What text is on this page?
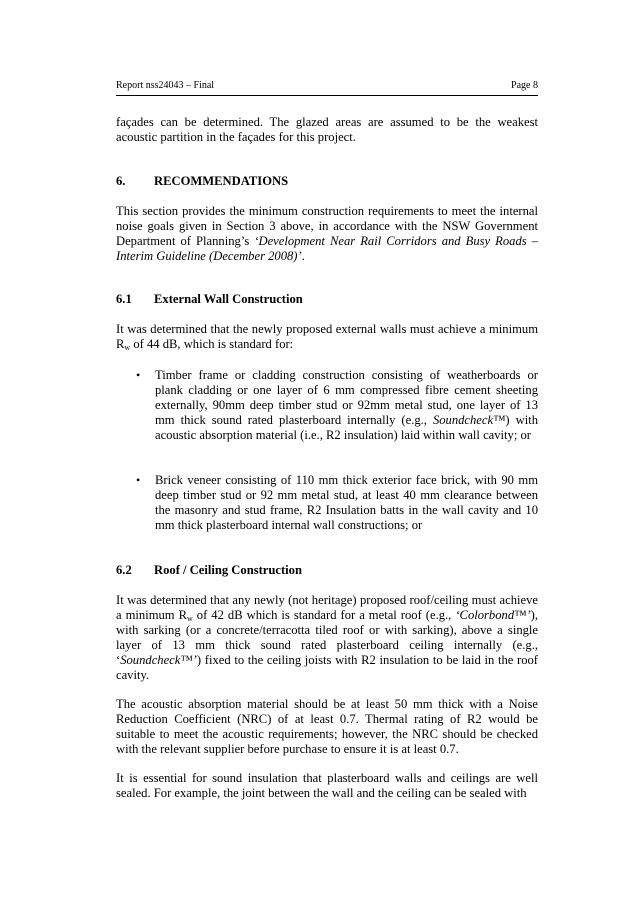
Report nss24043 – Final	Page 8

façades can be determined. The glazed areas are assumed to be the weakest acoustic partition in the façades for this project.

6. RECOMMENDATIONS

This section provides the minimum construction requirements to meet the internal noise goals given in Section 3 above, in accordance with the NSW Government Department of Planning’s ‘Development Near Rail Corridors and Busy Roads – Interim Guideline (December 2008)’.

6.1 External Wall Construction

It was determined that the newly proposed external walls must achieve a minimum $R_w$ of 44 dB, which is standard for:

• Timber frame or cladding construction consisting of weatherboards or plank cladding or one layer of 6 mm compressed fibre cement sheeting externally, 90mm deep timber stud or 92mm metal stud, one layer of 13 mm thick sound rated plasterboard internally (e.g., Soundcheck™) with acoustic absorption material (i.e., R2 insulation) laid within wall cavity; or

• Brick veneer consisting of 110 mm thick exterior face brick, with 90 mm deep timber stud or 92 mm metal stud, at least 40 mm clearance between the masonry and stud frame, R2 Insulation batts in the wall cavity and 10 mm thick plasterboard internal wall constructions; or

6.2 Roof / Ceiling Construction

It was determined that any newly (not heritage) proposed roof/ceiling must achieve a minimum $R_w$ of 42 dB which is standard for a metal roof (e.g., ‘Colorbond™’), with sarking (or a concrete/terracotta tiled roof or with sarking), above a single layer of 13 mm thick sound rated plasterboard ceiling internally (e.g., ‘Soundcheck™’) fixed to the ceiling joists with R2 insulation to be laid in the roof cavity.

The acoustic absorption material should be at least 50 mm thick with a Noise Reduction Coefficient (NRC) of at least 0.7. Thermal rating of R2 would be suitable to meet the acoustic requirements; however, the NRC should be checked with the relevant supplier before purchase to ensure it is at least 0.7.

It is essential for sound insulation that plasterboard walls and ceilings are well sealed. For example, the joint between the wall and the ceiling can be sealed with
